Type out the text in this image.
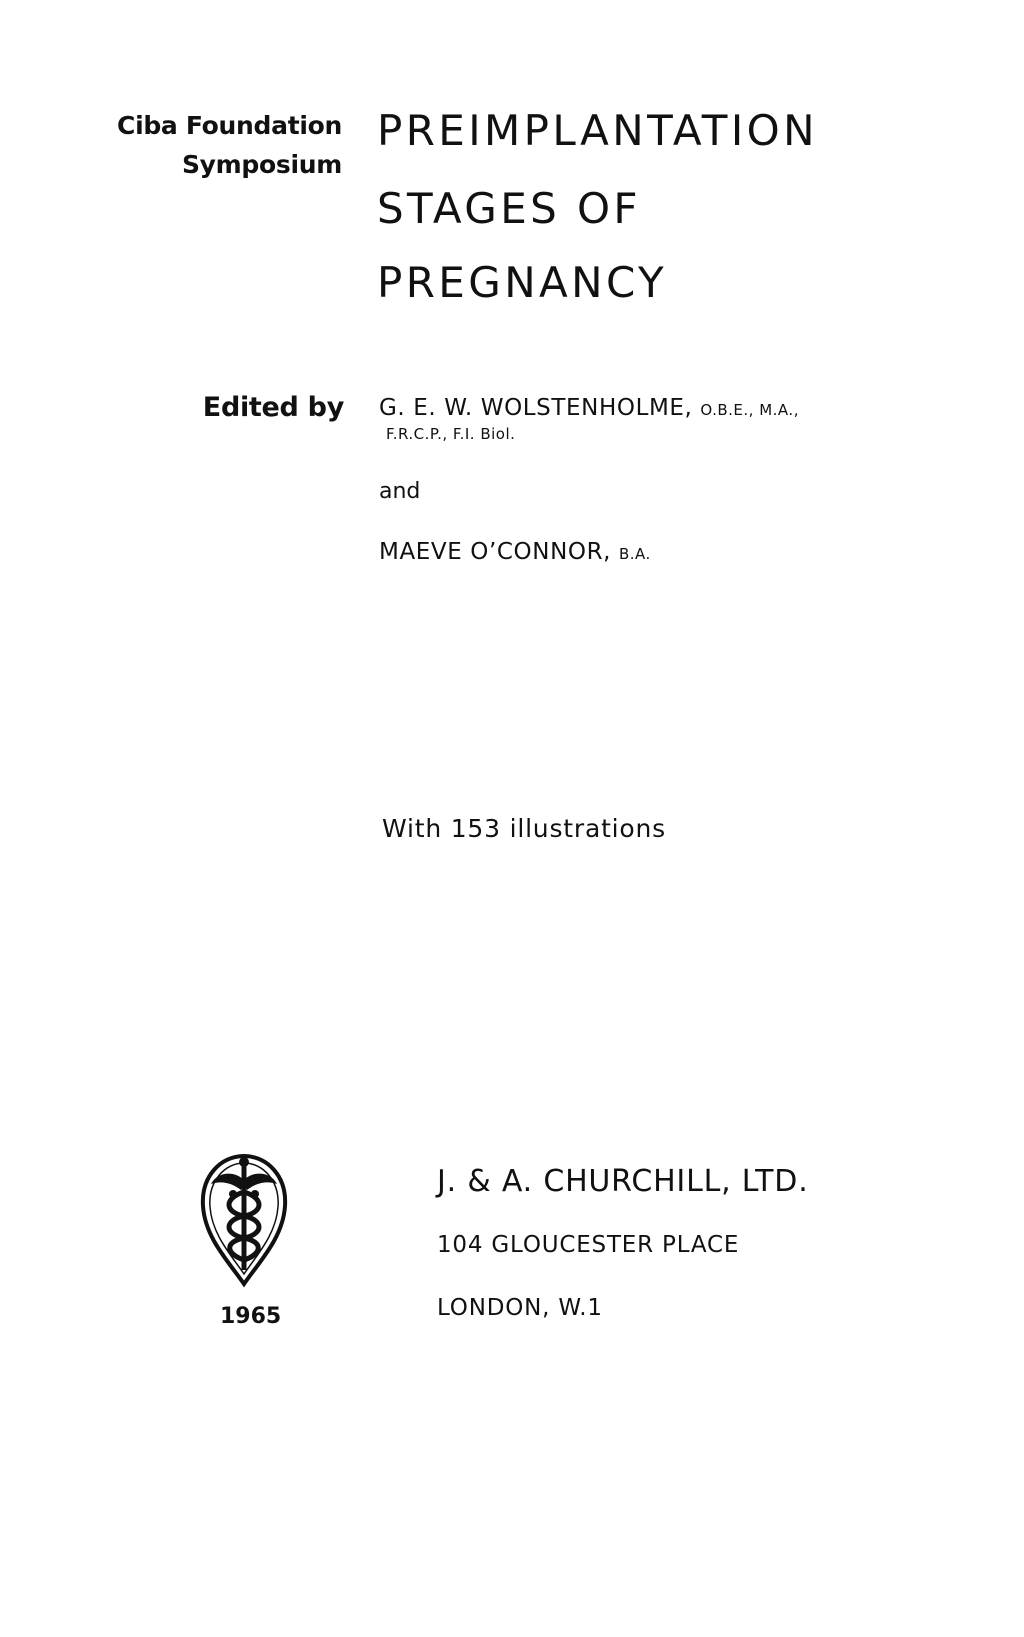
Ciba Foundation
Symposium
PREIMPLANTATION
STAGES OF
PREGNANCY
Edited by G. E. W. WOLSTENHOLME, O.B.E., M.A.,
F.R.C.P., F.I. Biol.
and
MAEVE O’CONNOR, B.A.
With 153 illustrations
1965
J. & A. CHURCHILL, LTD.
104 GLOUCESTER PLACE
LONDON, W.1
